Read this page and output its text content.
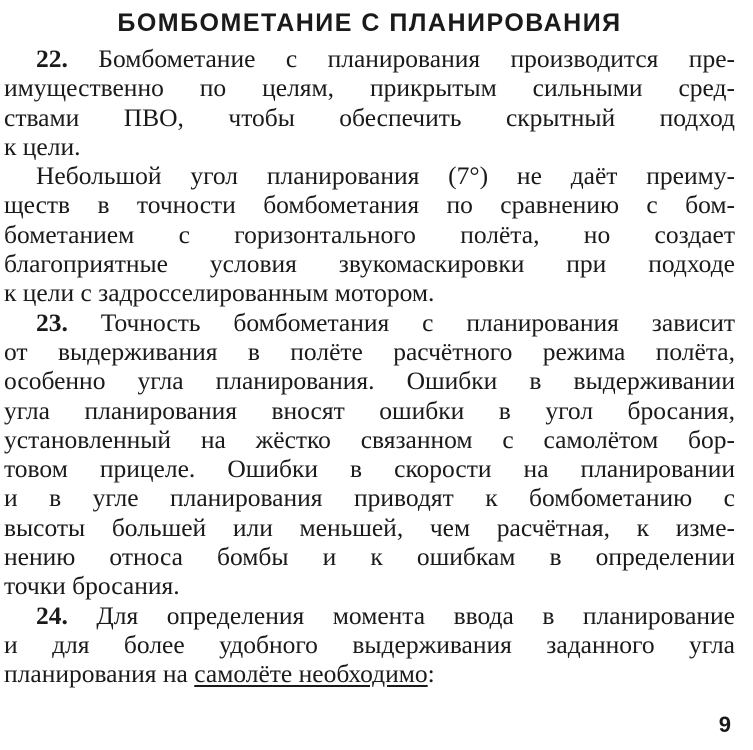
БОМБОМЕТАНИЕ С ПЛАНИРОВАНИЯ
22. Бомбометание с планирования производится пре-
имущественно по целям, прикрытым сильными сред-
ствами ПВО, чтобы обеспечить скрытный подход
к цели.
Небольшой угол планирования (7°) не даёт преиму-
ществ в точности бомбометания по сравнению с бом-
бометанием с горизонтального полёта, но создает
благоприятные условия звукомаскировки при подходе
к цели с задросселированным мотором.
23. Точность бомбометания с планирования зависит
от выдерживания в полёте расчётного режима полёта,
особенно угла планирования. Ошибки в выдерживании
угла планирования вносят ошибки в угол бросания,
установленный на жёстко связанном с самолётом бор-
товом прицеле. Ошибки в скорости на планировании
и в угле планирования приводят к бомбометанию с
высоты большей или меньшей, чем расчётная, к изме-
нению относа бомбы и к ошибкам в определении
точки бросания.
24. Для определения момента ввода в планирование
и для более удобного выдерживания заданного угла
планирования на самолёте необходимо:
9
